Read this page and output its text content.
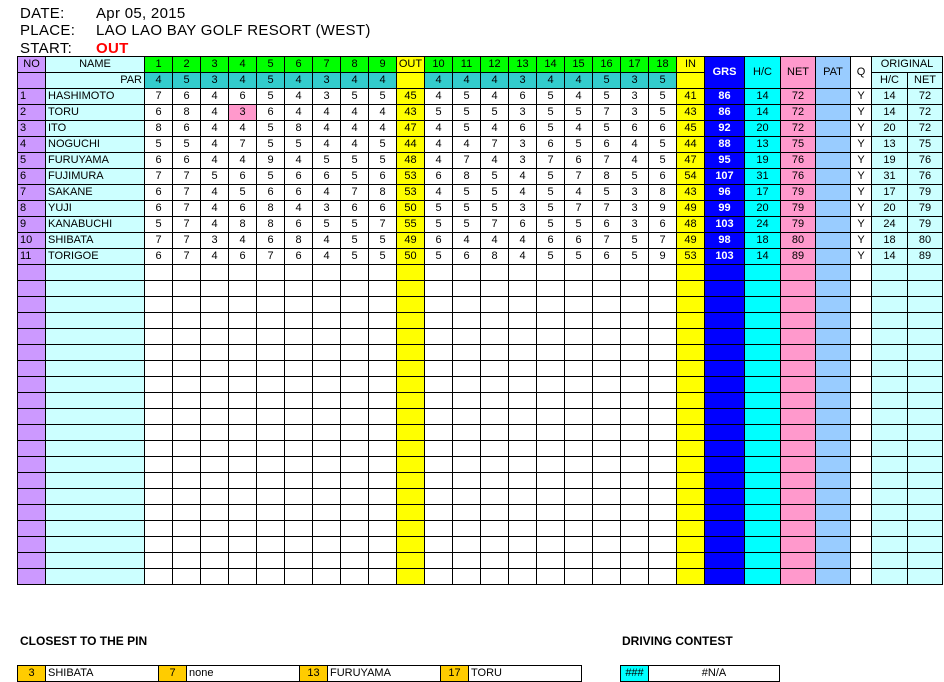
DATE: Apr 05, 2015
PLACE: LAO LAO BAY GOLF RESORT (WEST)
START: OUT
NO	NAME	1	2	3	4	5	6	7	8	9	OUT	10	11	12	13	14	15	16	17	18	IN	GRS	H/C	NET	PAT	Q	ORIGINAL	
	PAR	4	5	3	4	5	4	3	4	4		4	4	4	3	4	4	5	3	5							H/C	NET
1	HASHIMOTO	7	6	4	6	5	4	3	5	5	45	4	5	4	6	5	4	5	3	5	41	86	14	72		Y	14	72
2	TORU	6	8	4	3	6	4	4	4	4	43	5	5	5	3	5	5	7	3	5	43	86	14	72		Y	14	72
3	ITO	8	6	4	4	5	8	4	4	4	47	4	5	4	6	5	4	5	6	6	45	92	20	72		Y	20	72
4	NOGUCHI	5	5	4	7	5	5	4	4	5	44	4	4	7	3	6	5	6	4	5	44	88	13	75		Y	13	75
5	FURUYAMA	6	6	4	4	9	4	5	5	5	48	4	7	4	3	7	6	7	4	5	47	95	19	76		Y	19	76
6	FUJIMURA	7	7	5	6	5	6	6	5	6	53	6	8	5	4	5	7	8	5	6	54	107	31	76		Y	31	76
7	SAKANE	6	7	4	5	6	6	4	7	8	53	4	5	5	4	5	4	5	3	8	43	96	17	79		Y	17	79
8	YUJI	6	7	4	6	8	4	3	6	6	50	5	5	5	3	5	7	7	3	9	49	99	20	79		Y	20	79
9	KANABUCHI	5	7	4	8	8	6	5	5	7	55	5	5	7	6	5	5	6	3	6	48	103	24	79		Y	24	79
10	SHIBATA	7	7	3	4	6	8	4	5	5	49	6	4	4	4	6	6	7	5	7	49	98	18	80		Y	18	80
11	TORIGOE	6	7	4	6	7	6	4	5	5	50	5	6	8	4	5	5	6	5	9	53	103	14	89		Y	14	89

CLOSEST TO THE PIN
3	SHIBATA	7	none	13	FURUYAMA	17	TORU
DRIVING CONTEST
###	#N/A
